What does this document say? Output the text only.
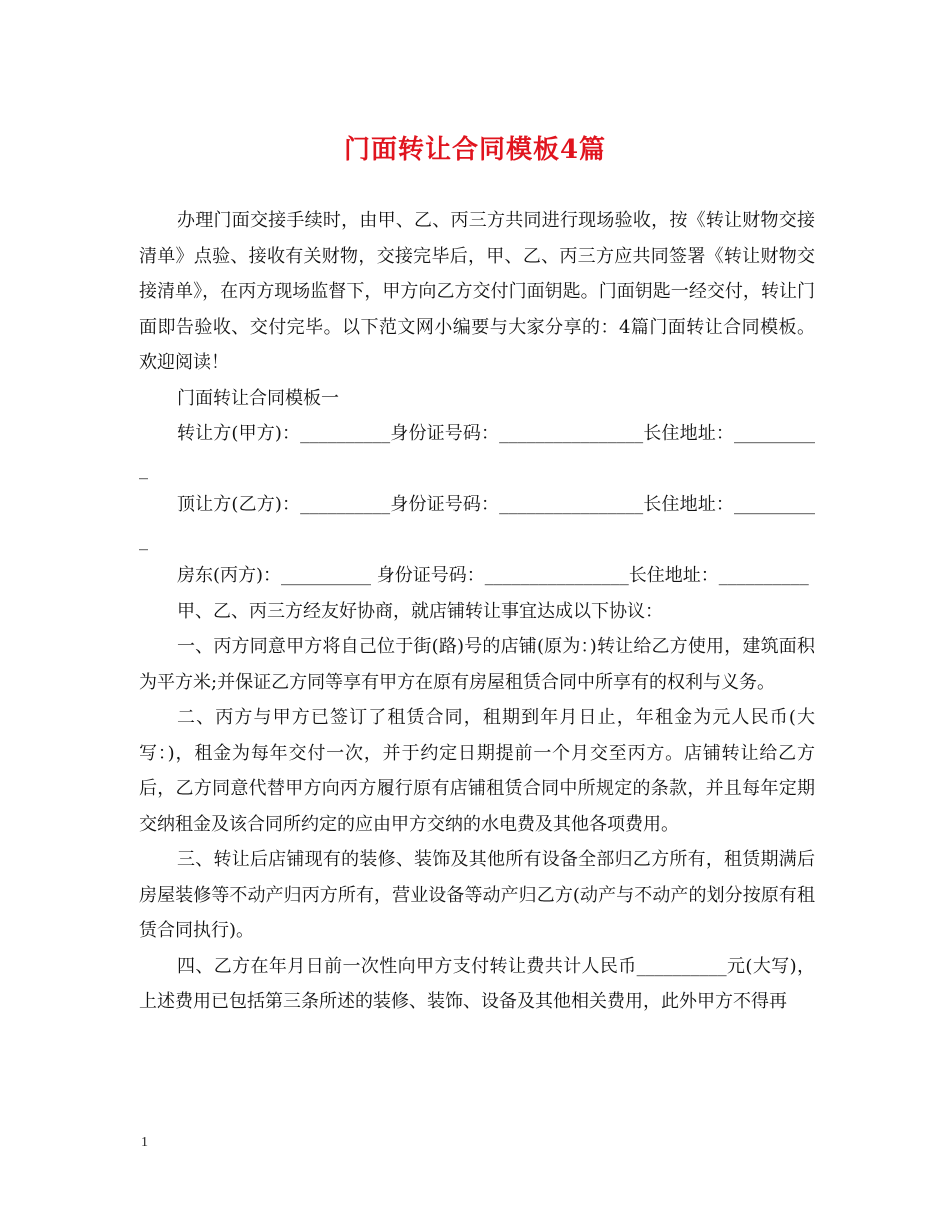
门面转让合同模板4篇

办理门面交接手续时，由甲、乙、丙三方共同进行现场验收，按《转让财物交接清单》点验、接收有关财物，交接完毕后，甲、乙、丙三方应共同签署《转让财物交接清单》，在丙方现场监督下，甲方向乙方交付门面钥匙。门面钥匙一经交付，转让门面即告验收、交付完毕。以下范文网小编要与大家分享的：4篇门面转让合同模板。欢迎阅读！

门面转让合同模板一

转让方(甲方)：__________身份证号码：________________长住地址：__________

顶让方(乙方)：__________身份证号码：________________长住地址：__________

房东(丙方)：__________ 身份证号码：________________长住地址：__________

甲、乙、丙三方经友好协商，就店铺转让事宜达成以下协议：

一、丙方同意甲方将自己位于街(路)号的店铺(原为：)转让给乙方使用，建筑面积为平方米;并保证乙方同等享有甲方在原有房屋租赁合同中所享有的权利与义务。

二、丙方与甲方已签订了租赁合同，租期到年月日止，年租金为元人民币(大写：)，租金为每年交付一次，并于约定日期提前一个月交至丙方。店铺转让给乙方后，乙方同意代替甲方向丙方履行原有店铺租赁合同中所规定的条款，并且每年定期交纳租金及该合同所约定的应由甲方交纳的水电费及其他各项费用。

三、转让后店铺现有的装修、装饰及其他所有设备全部归乙方所有，租赁期满后房屋装修等不动产归丙方所有，营业设备等动产归乙方(动产与不动产的划分按原有租赁合同执行)。

四、乙方在年月日前一次性向甲方支付转让费共计人民币__________元(大写)，上述费用已包括第三条所述的装修、装饰、设备及其他相关费用，此外甲方不得再

1
